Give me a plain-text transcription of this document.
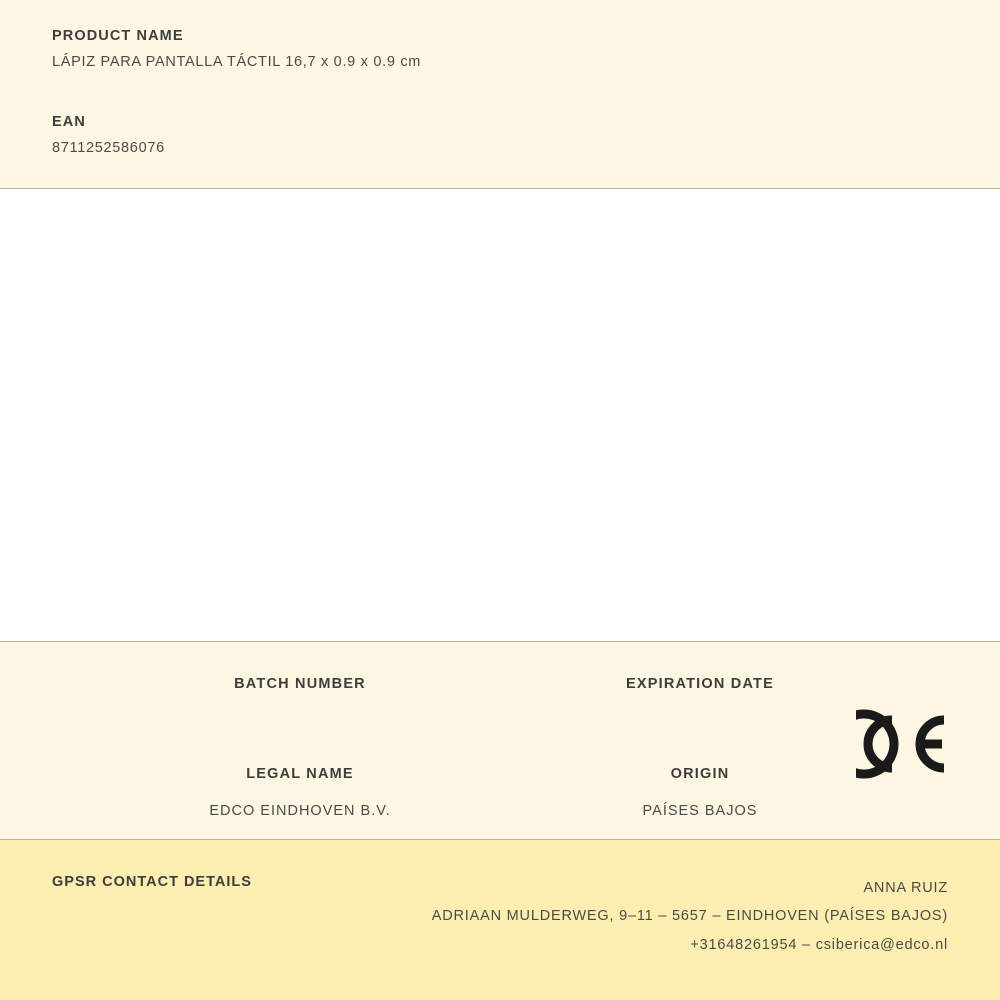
PRODUCT NAME

LÁPIZ PARA PANTALLA TÁCTIL 16,7 x 0.9 x 0.9 cm

EAN

8711252586076

BATCH NUMBER	EXPIRATION DATE

LEGAL NAME

EDCO EINDHOVEN B.V.

ORIGIN

PAÍSES BAJOS

GPSR CONTACT DETAILS	ANNA RUIZ
ADRIAAN MULDERWEG, 9–11 – 5657 – EINDHOVEN (PAÍSES BAJOS)
+31648261954 – csiberica@edco.nl
